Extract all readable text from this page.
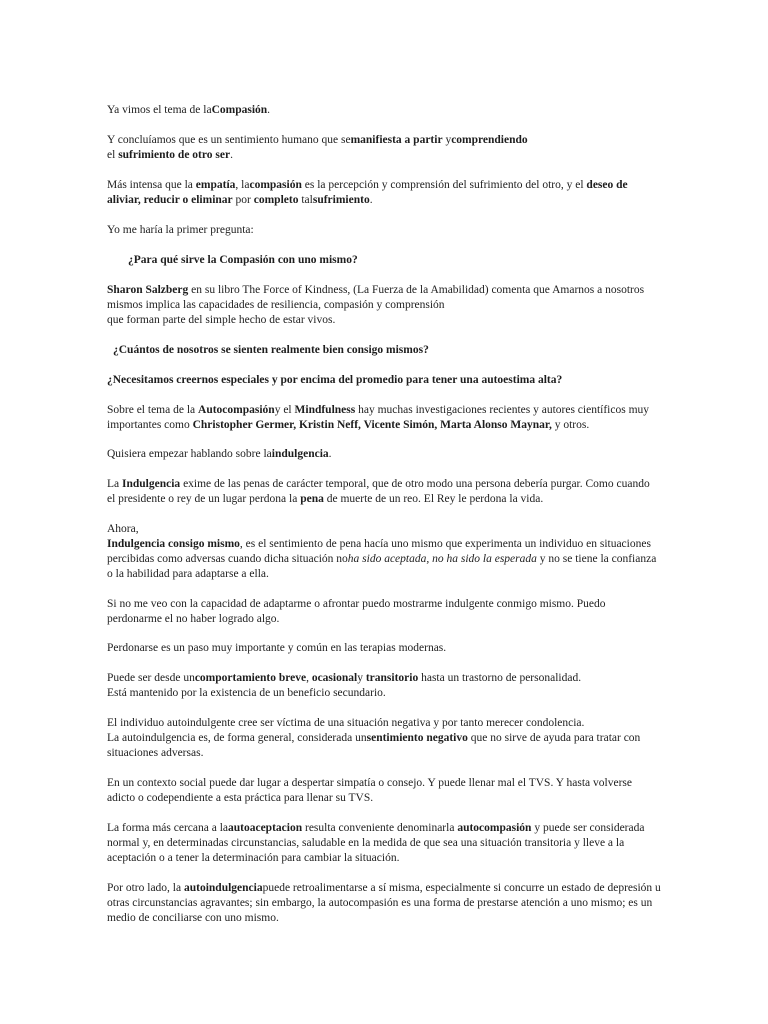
Ya vimos el tema de laCompasión.

Y concluíamos que es un sentimiento humano que semanifiesta a partir ycomprendiendo
el sufrimiento de otro ser.

Más intensa que la empatía, lacompasión es la percepción y comprensión del sufrimiento del otro, y el deseo de
aliviar, reducir o eliminar por completo talsufrimiento.

Yo me haría la primer pregunta:

¿Para qué sirve la Compasión con uno mismo?

Sharon Salzberg en su libro The Force of Kindness, (La Fuerza de la Amabilidad) comenta que Amarnos a nosotros
mismos implica las capacidades de resiliencia, compasión y comprensión
que forman parte del simple hecho de estar vivos.

¿Cuántos de nosotros se sienten realmente bien consigo mismos?

¿Necesitamos creernos especiales y por encima del promedio para tener una autoestima alta?

Sobre el tema de la Autocompasióny el Mindfulness hay muchas investigaciones recientes y autores científicos muy
importantes como Christopher Germer, Kristin Neff, Vicente Simón, Marta Alonso Maynar, y otros.

Quisiera empezar hablando sobre laindulgencia.

La Indulgencia exime de las penas de carácter temporal, que de otro modo una persona debería purgar. Como cuando
el presidente o rey de un lugar perdona la pena de muerte de un reo. El Rey le perdona la vida.

Ahora,
Indulgencia consigo mismo, es el sentimiento de pena hacía uno mismo que experimenta un individuo en situaciones
percibidas como adversas cuando dicha situación noha sido aceptada, no ha sido la esperada y no se tiene la confianza
o la habilidad para adaptarse a ella.

Si no me veo con la capacidad de adaptarme o afrontar puedo mostrarme indulgente conmigo mismo. Puedo
perdonarme el no haber logrado algo.

Perdonarse es un paso muy importante y común en las terapias modernas.

Puede ser desde uncomportamiento breve, ocasionaly transitorio hasta un trastorno de personalidad.
Está mantenido por la existencia de un beneficio secundario.

El individuo autoindulgente cree ser víctima de una situación negativa y por tanto merecer condolencia.
La autoindulgencia es, de forma general, considerada unsentimiento negativo que no sirve de ayuda para tratar con
situaciones adversas.

En un contexto social puede dar lugar a despertar simpatía o consejo. Y puede llenar mal el TVS. Y hasta volverse
adicto o codependiente a esta práctica para llenar su TVS.

La forma más cercana a laautoaceptacion resulta conveniente denominarla autocompasión y puede ser considerada
normal y, en determinadas circunstancias, saludable en la medida de que sea una situación transitoria y lleve a la
aceptación o a tener la determinación para cambiar la situación.

Por otro lado, la autoindulgenciapuede retroalimentarse a sí misma, especialmente si concurre un estado de depresión u
otras circunstancias agravantes; sin embargo, la autocompasión es una forma de prestarse atención a uno mismo; es un
medio de conciliarse con uno mismo.
